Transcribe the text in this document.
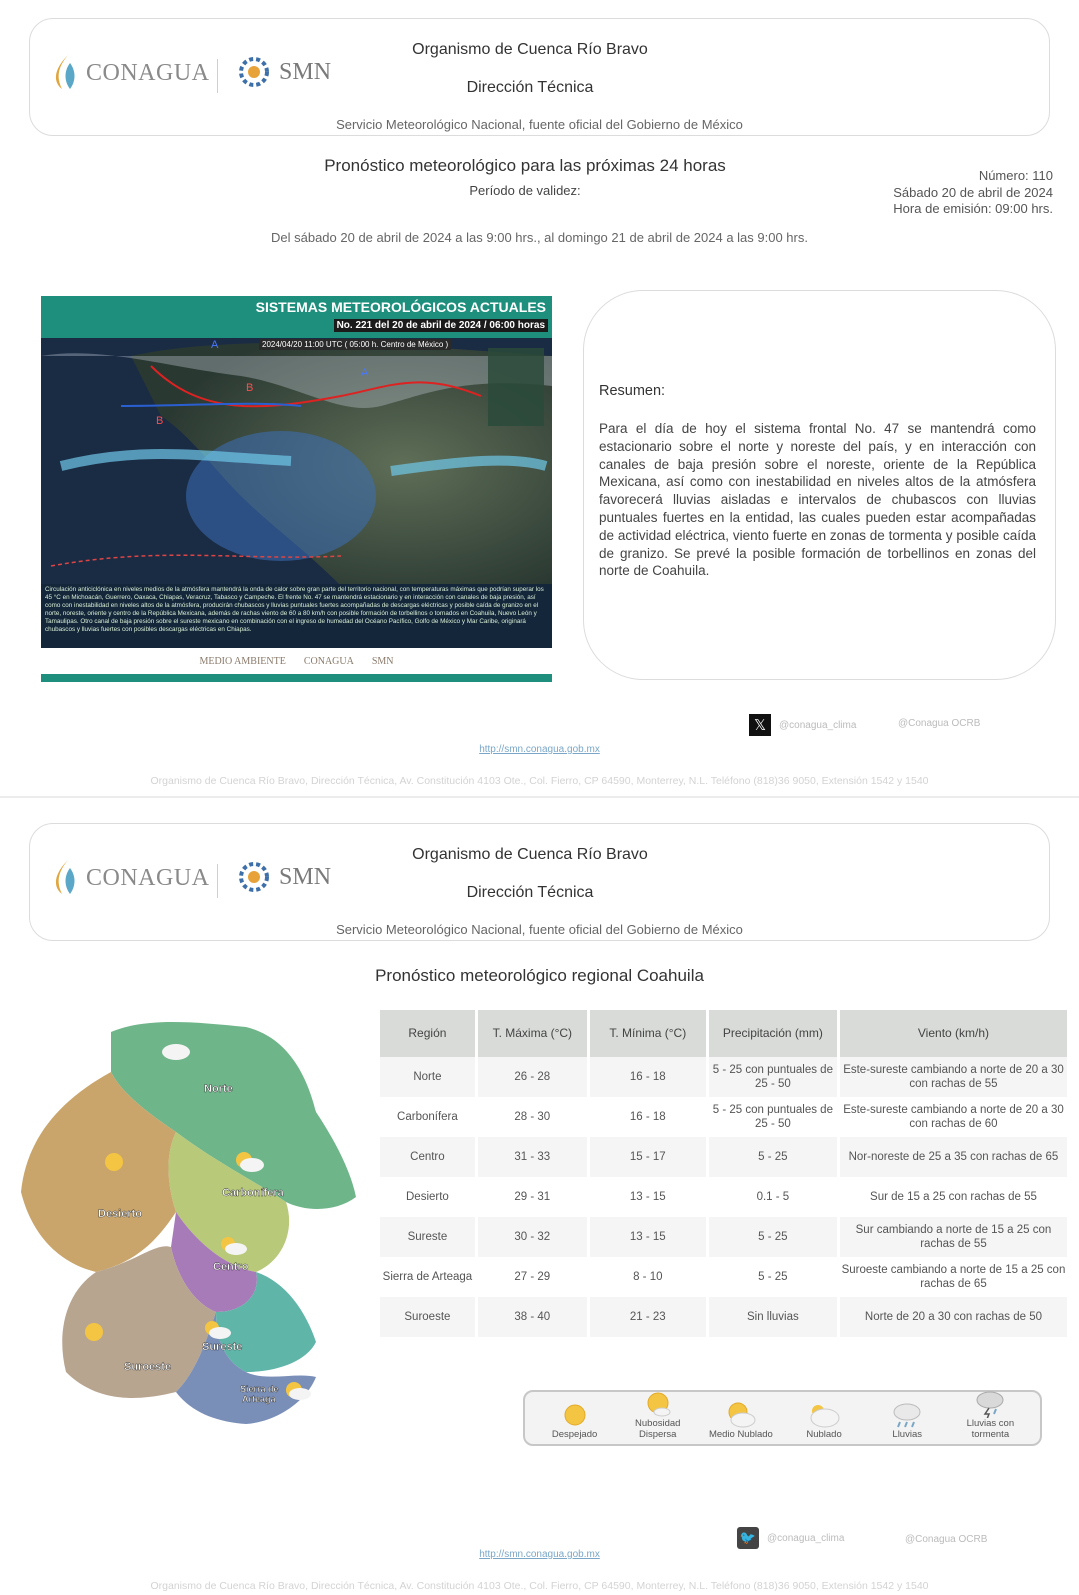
CONAGUA	SMN
Organismo de Cuenca Río Bravo
Dirección Técnica
Servicio Meteorológico Nacional, fuente oficial del Gobierno de México
Pronóstico meteorológico para las próximas 24 horas
Período de validez:
Número: 110
Sábado 20 de abril de 2024
Hora de emisión: 09:00 hrs.
Del sábado 20 de abril de 2024 a las 9:00 hrs., al domingo 21 de abril de 2024 a las 9:00 hrs.
A
A
B
B
SISTEMAS METEOROLÓGICOS ACTUALES
No. 221 del 20 de abril de 2024 / 06:00 horas
2024/04/20 11:00 UTC ( 05:00 h. Centro de México )
Circulación anticiclónica en niveles medios de la atmósfera mantendrá la onda de calor sobre gran parte del territorio nacional, con temperaturas máximas que podrían superar los 45 °C en Michoacán, Guerrero, Oaxaca, Chiapas, Veracruz, Tabasco y Campeche. El frente No. 47 se mantendrá estacionario y en interacción con canales de baja presión, así como con inestabilidad en niveles altos de la atmósfera, producirán chubascos y lluvias puntuales fuertes acompañadas de descargas eléctricas y posible caída de granizo en el norte, noreste, oriente y centro de la República Mexicana, además de rachas viento de 60 a 80 km/h con posible formación de torbellinos o tornados en Coahuila, Nuevo León y Tamaulipas. Otro canal de baja presión sobre el sureste mexicano en combinación con el ingreso de humedad del Océano Pacífico, Golfo de México y Mar Caribe, originará chubascos y lluvias fuertes con posibles descargas eléctricas en Chiapas.
MEDIO AMBIENTE CONAGUA SMN
Resumen:
Para el día de hoy el sistema frontal No. 47 se mantendrá como estacionario sobre el norte y noreste del país, y en interacción con canales de baja presión sobre el noreste, oriente de la República Mexicana, así como con inestabilidad en niveles altos de la atmósfera favorecerá lluvias aisladas e intervalos de chubascos con lluvias puntuales fuertes en la entidad, las cuales pueden estar acompañadas de actividad eléctrica, viento fuerte en zonas de tormenta y posible caída de granizo. Se prevé la posible formación de torbellinos en zonas del norte de Coahuila.
𝕏	@conagua_clima	@Conagua OCRB
http://smn.conagua.gob.mx
Organismo de Cuenca Río Bravo, Dirección Técnica, Av. Constitución 4103 Ote., Col. Fierro, CP 64590, Monterrey, N.L. Teléfono (818)36 9050, Extensión 1542 y 1540
CONAGUA	SMN
Organismo de Cuenca Río Bravo
Dirección Técnica
Servicio Meteorológico Nacional, fuente oficial del Gobierno de México
Pronóstico meteorológico regional Coahuila
Norte
Carbonífera
Desierto
Centro
Sureste
Suroeste
Sierra de
Arteaga
Región	T. Máxima (°C)	T. Mínima (°C)	Precipitación (mm)	Viento (km/h)
Norte	26 - 28	16 - 18	5 - 25 con puntuales de 25 - 50	Este-sureste cambiando a norte de 20 a 30 con rachas de 55
Carbonífera	28 - 30	16 - 18	5 - 25 con puntuales de 25 - 50	Este-sureste cambiando a norte de 20 a 30 con rachas de 60
Centro	31 - 33	15 - 17	5 - 25	Nor-noreste de 25 a 35 con rachas de 65
Desierto	29 - 31	13 - 15	0.1 - 5	Sur de 15 a 25 con rachas de 55
Sureste	30 - 32	13 - 15	5 - 25	Sur cambiando a norte de 15 a 25 con rachas de 55
Sierra de Arteaga	27 - 29	8 - 10	5 - 25	Suroeste cambiando a norte de 15 a 25 con rachas de 65
Suroeste	38 - 40	21 - 23	Sin lluvias	Norte de 20 a 30 con rachas de 50
Despejado
Nubosidad Dispersa	Medio Nublado	Nublado	Lluvias
Lluvias con tormenta
🐦 @conagua_clima	@Conagua OCRB
http://smn.conagua.gob.mx
Organismo de Cuenca Río Bravo, Dirección Técnica, Av. Constitución 4103 Ote., Col. Fierro, CP 64590, Monterrey, N.L. Teléfono (818)36 9050, Extensión 1542 y 1540
